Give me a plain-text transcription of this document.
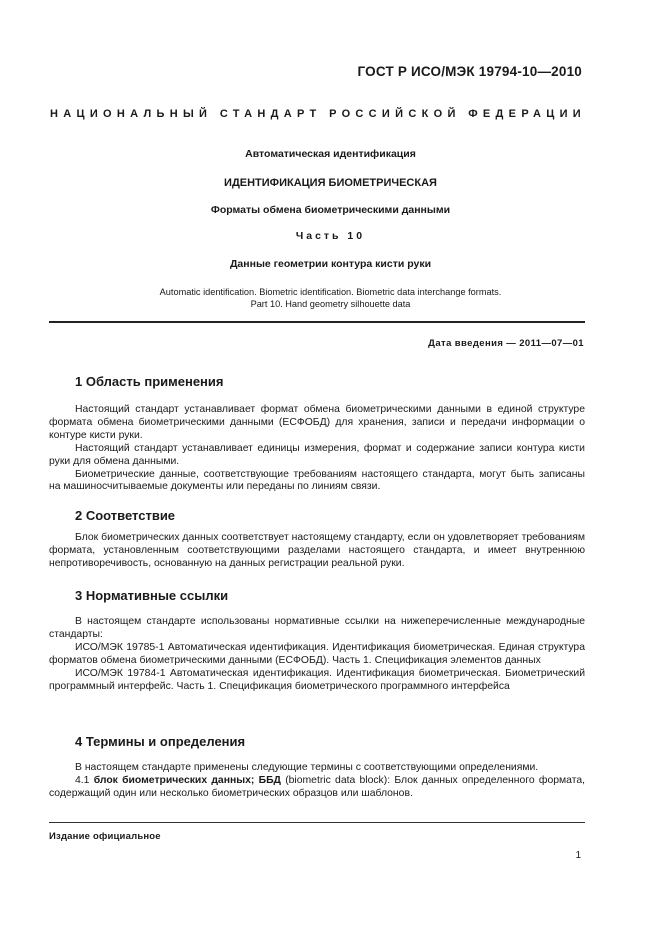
ГОСТ Р ИСО/МЭК 19794-10—2010
НАЦИОНАЛЬНЫЙ СТАНДАРТ РОССИЙСКОЙ ФЕДЕРАЦИИ
Автоматическая идентификация
ИДЕНТИФИКАЦИЯ БИОМЕТРИЧЕСКАЯ
Форматы обмена биометрическими данными
Часть 10
Данные геометрии контура кисти руки
Automatic identification. Biometric identification. Biometric data interchange formats.
Part 10. Hand geometry silhouette data
Дата введения — 2011—07—01
1 Область применения

Настоящий стандарт устанавливает формат обмена биометрическими данными в единой структуре формата обмена биометрическими данными (ЕСФОБД) для хранения, записи и передачи информации о контуре кисти руки.

Настоящий стандарт устанавливает единицы измерения, формат и содержание записи контура кисти руки для обмена данными.

Биометрические данные, соответствующие требованиям настоящего стандарта, могут быть записаны на машиносчитываемые документы или переданы по линиям связи.

2 Соответствие

Блок биометрических данных соответствует настоящему стандарту, если он удовлетворяет требованиям формата, установленным соответствующими разделами настоящего стандарта, и имеет внутреннюю непротиворечивость, основанную на данных регистрации реальной руки.

3 Нормативные ссылки

В настоящем стандарте использованы нормативные ссылки на нижеперечисленные международные стандарты:

ИСО/МЭК 19785-1 Автоматическая идентификация. Идентификация биометрическая. Единая структура форматов обмена биометрическими данными (ЕСФОБД). Часть 1. Спецификация элементов данных

ИСО/МЭК 19784-1 Автоматическая идентификация. Идентификация биометрическая. Биометрический программный интерфейс. Часть 1. Спецификация биометрического программного интерфейса

4 Термины и определения

В настоящем стандарте применены следующие термины с соответствующими определениями.

4.1 блок биометрических данных; ББД (biometric data block): Блок данных определенного формата, содержащий один или несколько биометрических образцов или шаблонов.

Издание официальное
1
